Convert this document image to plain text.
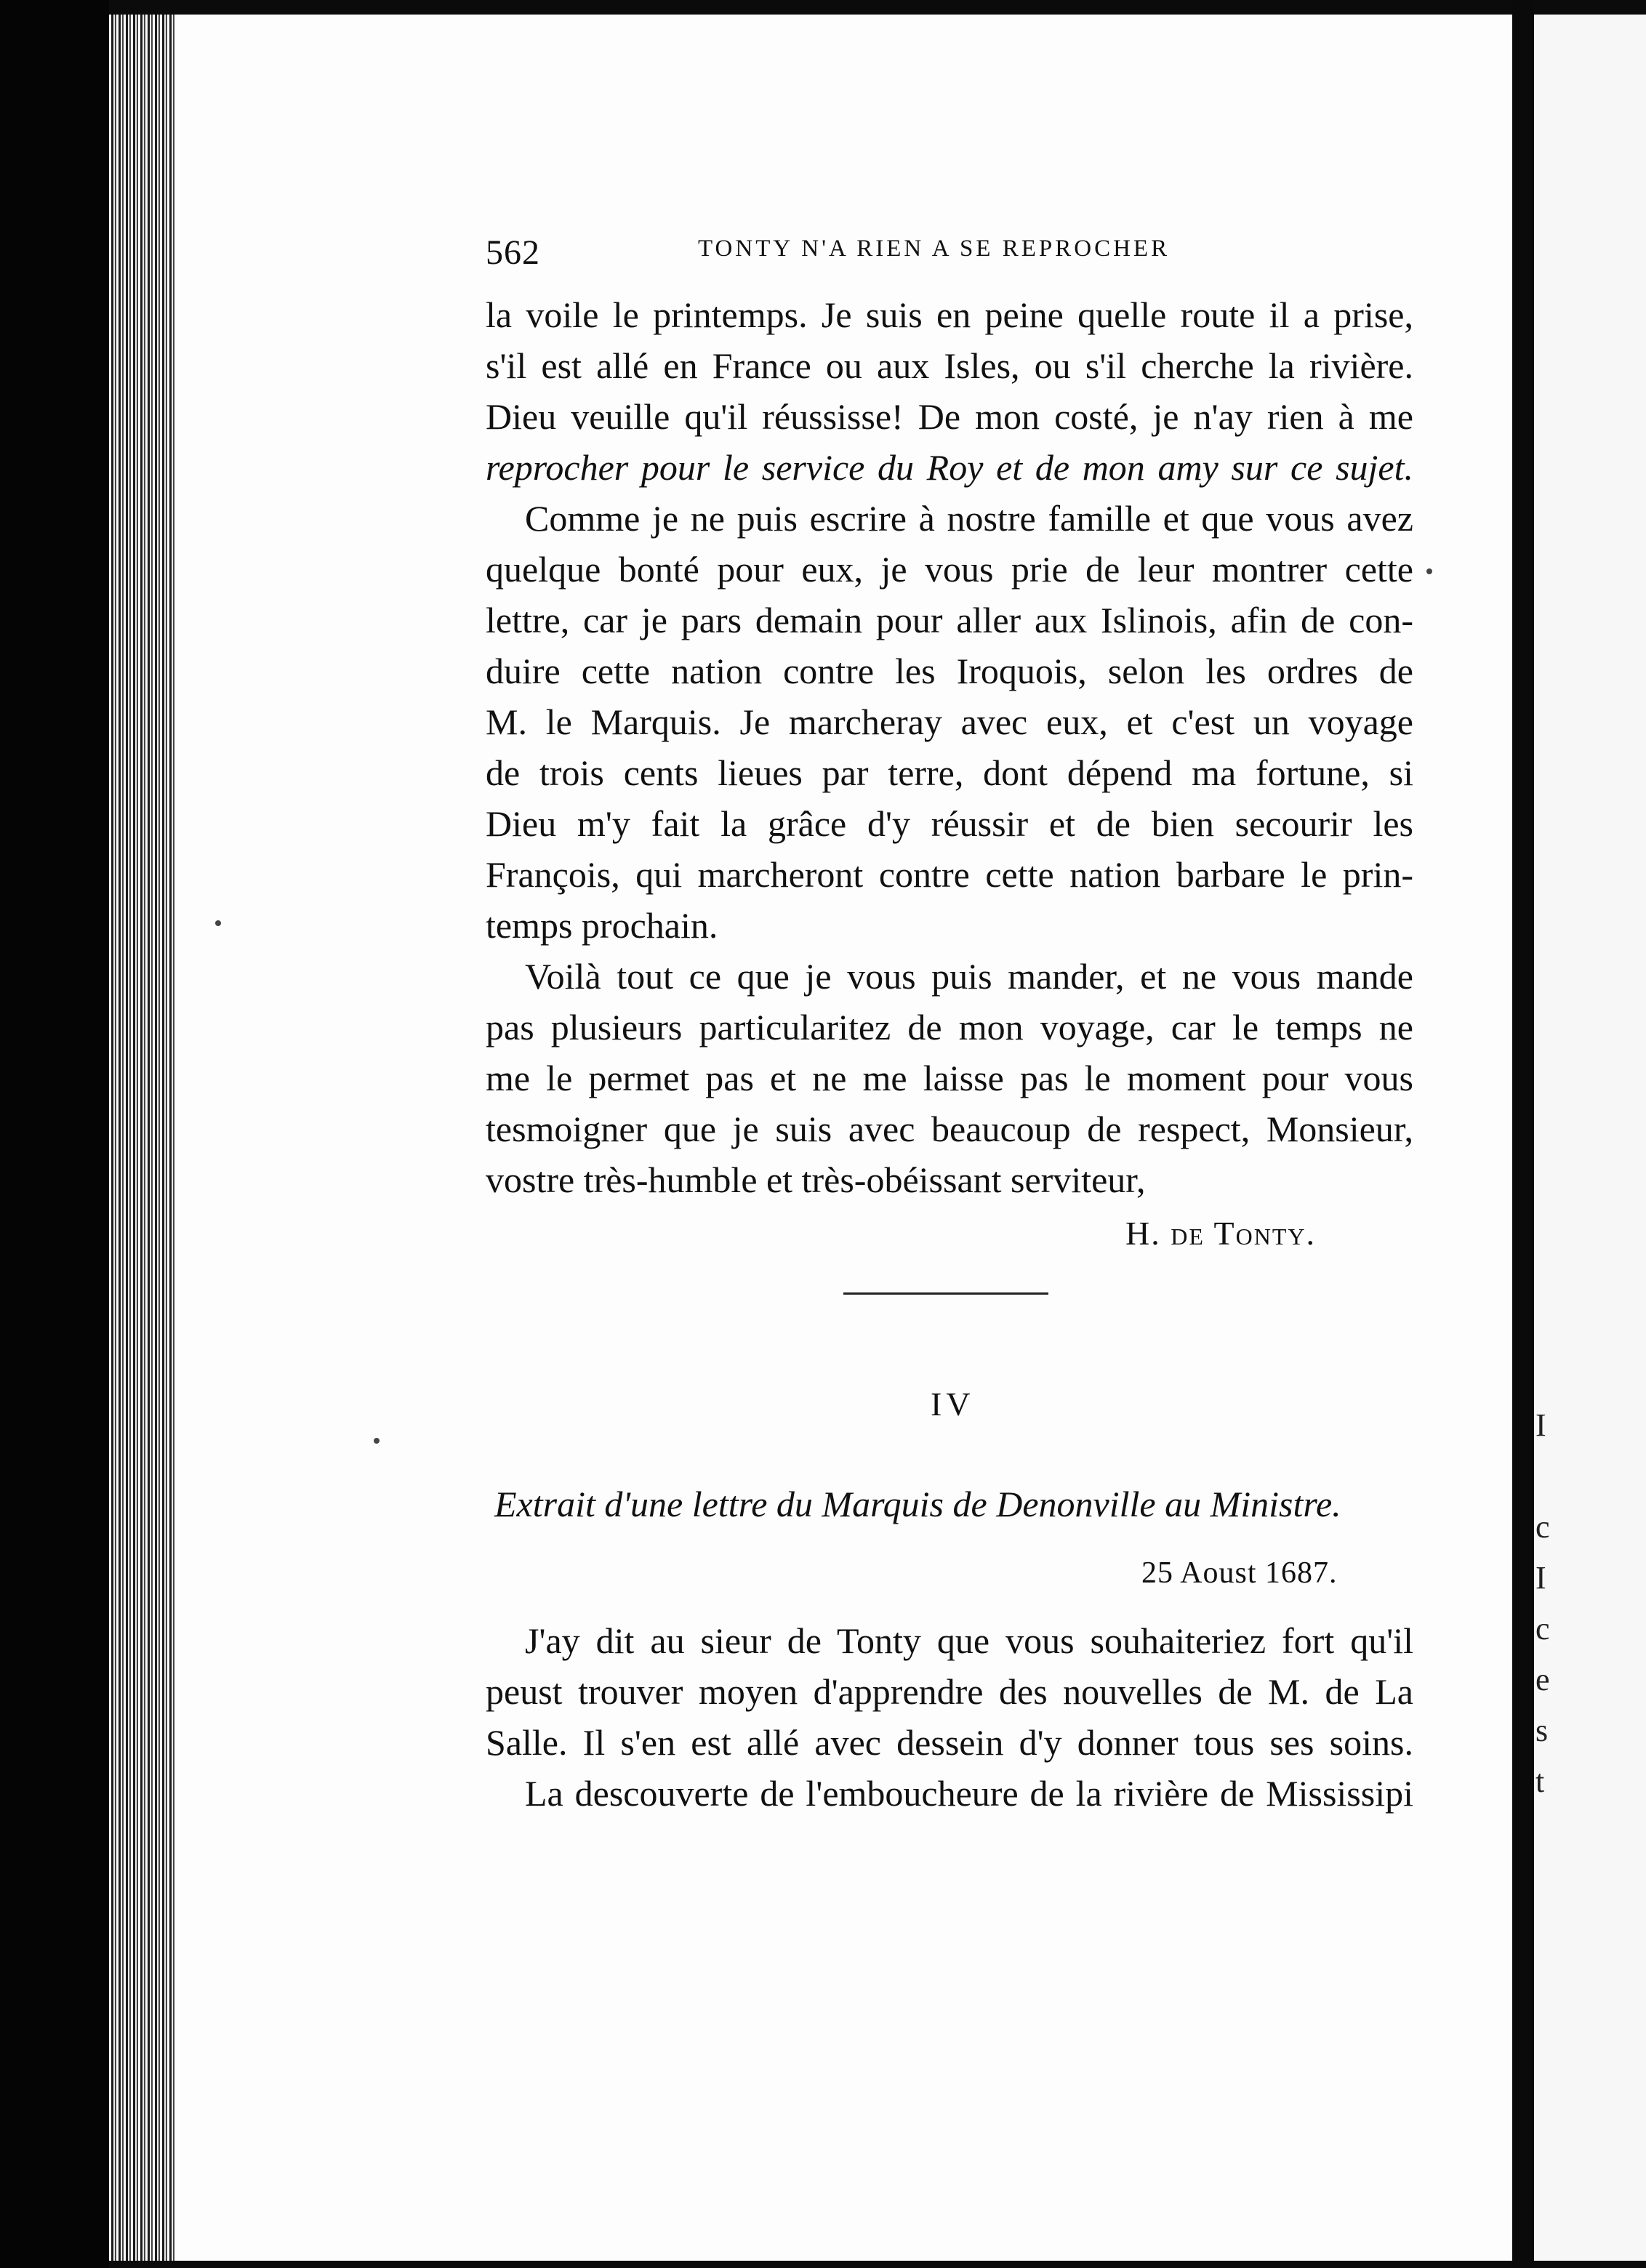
I
c
I
c
e
s
t
562	TONTY N'A RIEN A SE REPROCHER
la voile le printemps. Je suis en peine quelle route il a prise,
s'il est allé en France ou aux Isles, ou s'il cherche la rivière.
Dieu veuille qu'il réussisse! De mon costé, je n'ay rien à me
reprocher pour le service du Roy et de mon amy sur ce sujet.
Comme je ne puis escrire à nostre famille et que vous avez
quelque bonté pour eux, je vous prie de leur montrer cette
lettre, car je pars demain pour aller aux Islinois, afin de con-
duire cette nation contre les Iroquois, selon les ordres de
M. le Marquis. Je marcheray avec eux, et c'est un voyage
de trois cents lieues par terre, dont dépend ma fortune, si
Dieu m'y fait la grâce d'y réussir et de bien secourir les
François, qui marcheront contre cette nation barbare le prin-
temps prochain.
Voilà tout ce que je vous puis mander, et ne vous mande
pas plusieurs particularitez de mon voyage, car le temps ne
me le permet pas et ne me laisse pas le moment pour vous
tesmoigner que je suis avec beaucoup de respect, Monsieur,
vostre très-humble et très-obéissant serviteur,
H. de Tonty.
IV
Extrait d'une lettre du Marquis de Denonville au Ministre.
25 Aoust 1687.
J'ay dit au sieur de Tonty que vous souhaiteriez fort qu'il
peust trouver moyen d'apprendre des nouvelles de M. de La
Salle. Il s'en est allé avec dessein d'y donner tous ses soins.
La descouverte de l'embouchеure de la rivière de Mississipi
